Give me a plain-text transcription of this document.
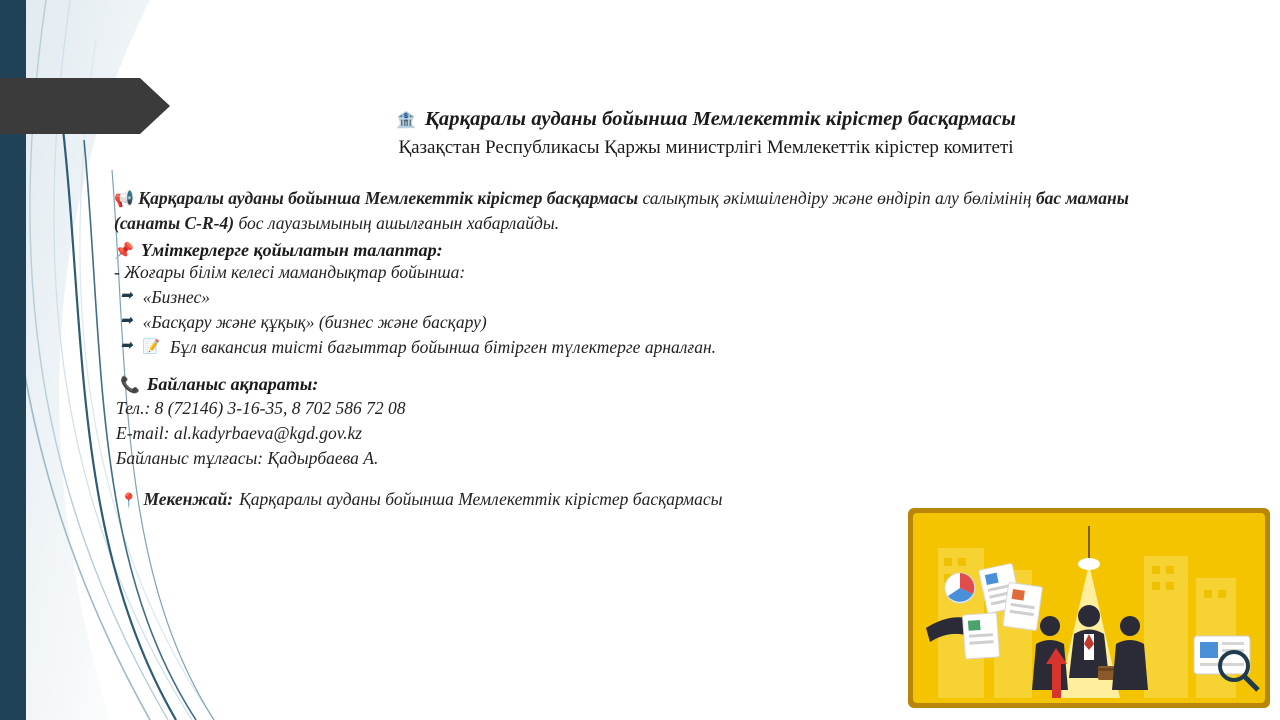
🏦 Қарқаралы ауданы бойынша Мемлекеттік кірістер басқармасы
Қазақстан Республикасы Қаржы министрлігі Мемлекеттік кірістер комитеті

📢 Қарқаралы ауданы бойынша Мемлекеттік кірістер басқармасы салықтық әкімшілендіру және өндіріп алу бөлімінің бас маманы (санаты C-R-4) бос лауазымының ашылғанын хабарлайды.

📌 Үміткерлерге қойылатын талаптар:
- Жоғары білім келесі мамандықтар бойынша:
➡ «Бизнес»
➡ «Басқару және құқық» (бизнес және басқару)
➡ 📝 Бұл вакансия тиісті бағыттар бойынша бітірген түлектерге арналған.
📞 Байланыс ақпараты:
Тел.: 8 (72146) 3-16-35, 8 702 586 72 08
E-mail: al.kadyrbaeva@kgd.gov.kz
Байланыс тұлғасы: Қадырбаева А.
📍 Мекенжай: Қарқаралы ауданы бойынша Мемлекеттік кірістер басқармасы
